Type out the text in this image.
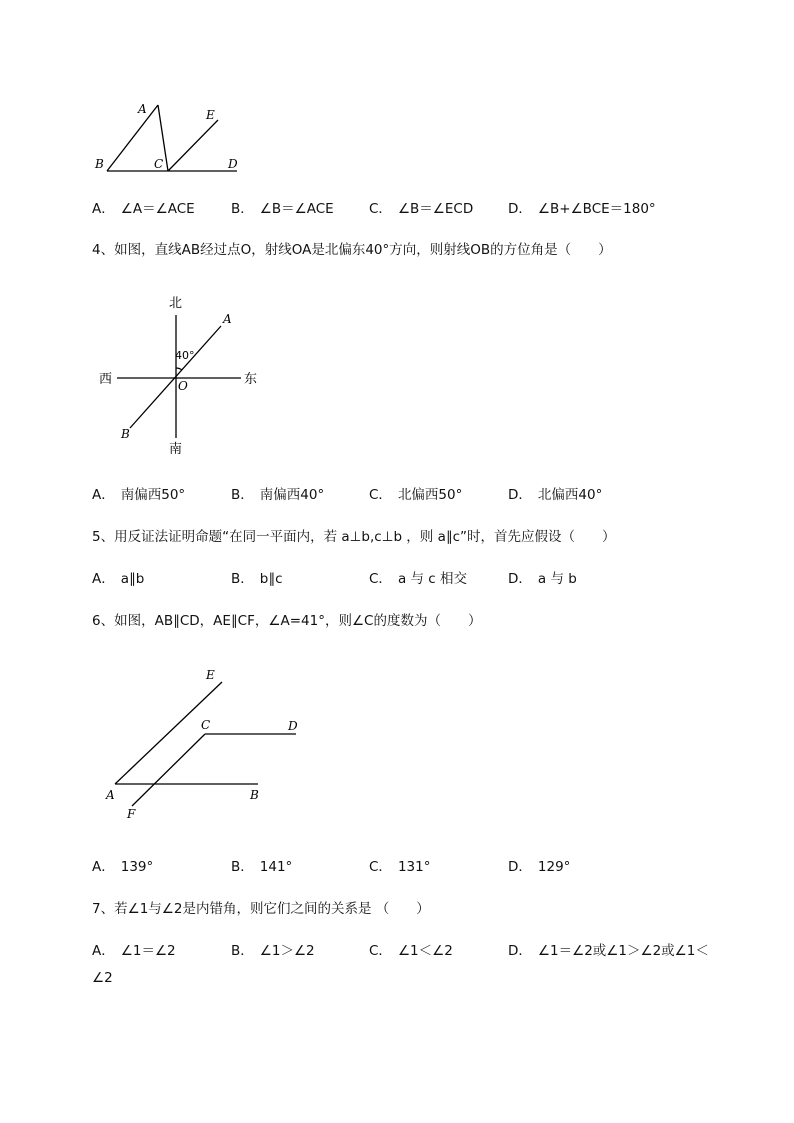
A
B	C	D
E
A． ∠A＝∠ACE	B． ∠B＝∠ACE	C． ∠B＝∠ECD	D． ∠B+∠BCE＝180°
4、如图，直线AB经过点O，射线OA是北偏东40°方向，则射线OB的方位角是（　　）
北
南
东
西
40°
O
A
B
A． 南偏西50°	B． 南偏西40°	C． 北偏西50°	D． 北偏西40°
5、用反证法证明命题“在同一平面内，若 a⊥b,c⊥b ，则 a∥c”时，首先应假设（　　）
A． a∥b	B． b∥c	C． a 与 c 相交	D． a 与 b
6、如图，AB∥CD，AE∥CF，∠A=41°，则∠C的度数为（　　）
E
C	D
A	B
F
A． 139°	B． 141°	C． 131°	D． 129°
7、若∠1与∠2是内错角，则它们之间的关系是 （　　）
A． ∠1＝∠2	B． ∠1＞∠2	C． ∠1＜∠2	D． ∠1＝∠2或∠1＞∠2或∠1＜
∠2
